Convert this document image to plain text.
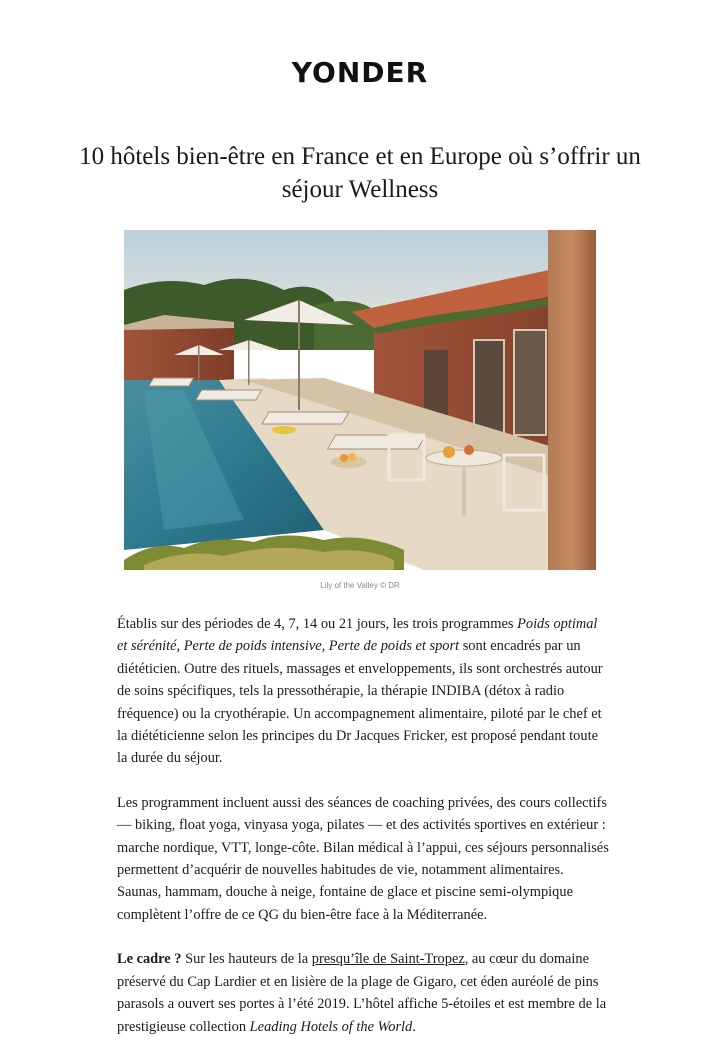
YONDER
10 hôtels bien-être en France et en Europe où s’offrir un séjour Wellness
Lily of the Valley © DR

Établis sur des périodes de 4, 7, 14 ou 21 jours, les trois programmes Poids optimal et sérénité, Perte de poids intensive, Perte de poids et sport sont encadrés par un diététicien. Outre des rituels, massages et enveloppements, ils sont orchestrés autour de soins spécifiques, tels la pressothérapie, la thérapie INDIBA (détox à radio fréquence) ou la cryothérapie. Un accompagnement alimentaire, piloté par le chef et la diététicienne selon les principes du Dr Jacques Fricker, est proposé pendant toute la durée du séjour.

Les programment incluent aussi des séances de coaching privées, des cours collectifs — biking, float yoga, vinyasa yoga, pilates — et des activités sportives en extérieur : marche nordique, VTT, longe-côte. Bilan médical à l’appui, ces séjours personnalisés permettent d’acquérir de nouvelles habitudes de vie, notamment alimentaires. Saunas, hammam, douche à neige, fontaine de glace et piscine semi-olympique complètent l’offre de ce QG du bien-être face à la Méditerranée.

Le cadre ? Sur les hauteurs de la presqu’île de Saint-Tropez, au cœur du domaine préservé du Cap Lardier et en lisière de la plage de Gigaro, cet éden auréolé de pins parasols a ouvert ses portes à l’été 2019. L’hôtel affiche 5-étoiles et est membre de la prestigieuse collection Leading Hotels of the World.
